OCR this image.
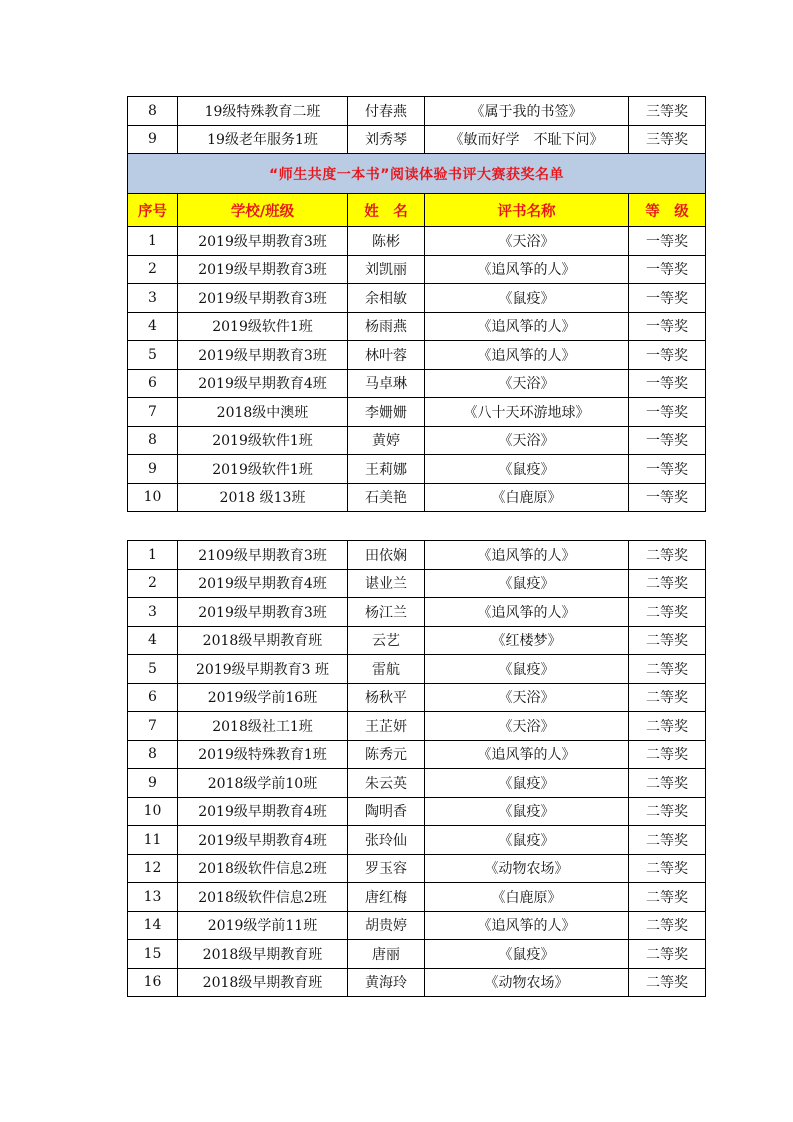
8	19级特殊教育二班	付春燕	《属于我的书签》	三等奖
9	19级老年服务1班	刘秀琴	《敏而好学　不耻下问》	三等奖
“师生共度一本书”阅读体验书评大赛获奖名单				
序号	学校/班级	姓　名	评书名称	等　级
1	2019级早期教育3班	陈彬	《天浴》	一等奖
2	2019级早期教育3班	刘凯丽	《追风筝的人》	一等奖
3	2019级早期教育3班	余相敏	《鼠疫》	一等奖
4	2019级软件1班	杨雨燕	《追风筝的人》	一等奖
5	2019级早期教育3班	林叶蓉	《追风筝的人》	一等奖
6	2019级早期教育4班	马卓琳	《天浴》	一等奖
7	2018级中澳班	李姗姗	《八十天环游地球》	一等奖
8	2019级软件1班	黄婷	《天浴》	一等奖
9	2019级软件1班	王莉娜	《鼠疫》	一等奖
10	2018 级13班	石美艳	《白鹿原》	一等奖
1	2109级早期教育3班	田依娴	《追风筝的人》	二等奖
2	2019级早期教育4班	谌业兰	《鼠疫》	二等奖
3	2019级早期教育3班	杨江兰	《追风筝的人》	二等奖
4	2018级早期教育班	云艺	《红楼梦》	二等奖
5	2019级早期教育3 班	雷航	《鼠疫》	二等奖
6	2019级学前16班	杨秋平	《天浴》	二等奖
7	2018级社工1班	王芷妍	《天浴》	二等奖
8	2019级特殊教育1班	陈秀元	《追风筝的人》	二等奖
9	2018级学前10班	朱云英	《鼠疫》	二等奖
10	2019级早期教育4班	陶明香	《鼠疫》	二等奖
11	2019级早期教育4班	张玲仙	《鼠疫》	二等奖
12	2018级软件信息2班	罗玉容	《动物农场》	二等奖
13	2018级软件信息2班	唐红梅	《白鹿原》	二等奖
14	2019级学前11班	胡贵婷	《追风筝的人》	二等奖
15	2018级早期教育班	唐丽	《鼠疫》	二等奖
16	2018级早期教育班	黄海玲	《动物农场》	二等奖
